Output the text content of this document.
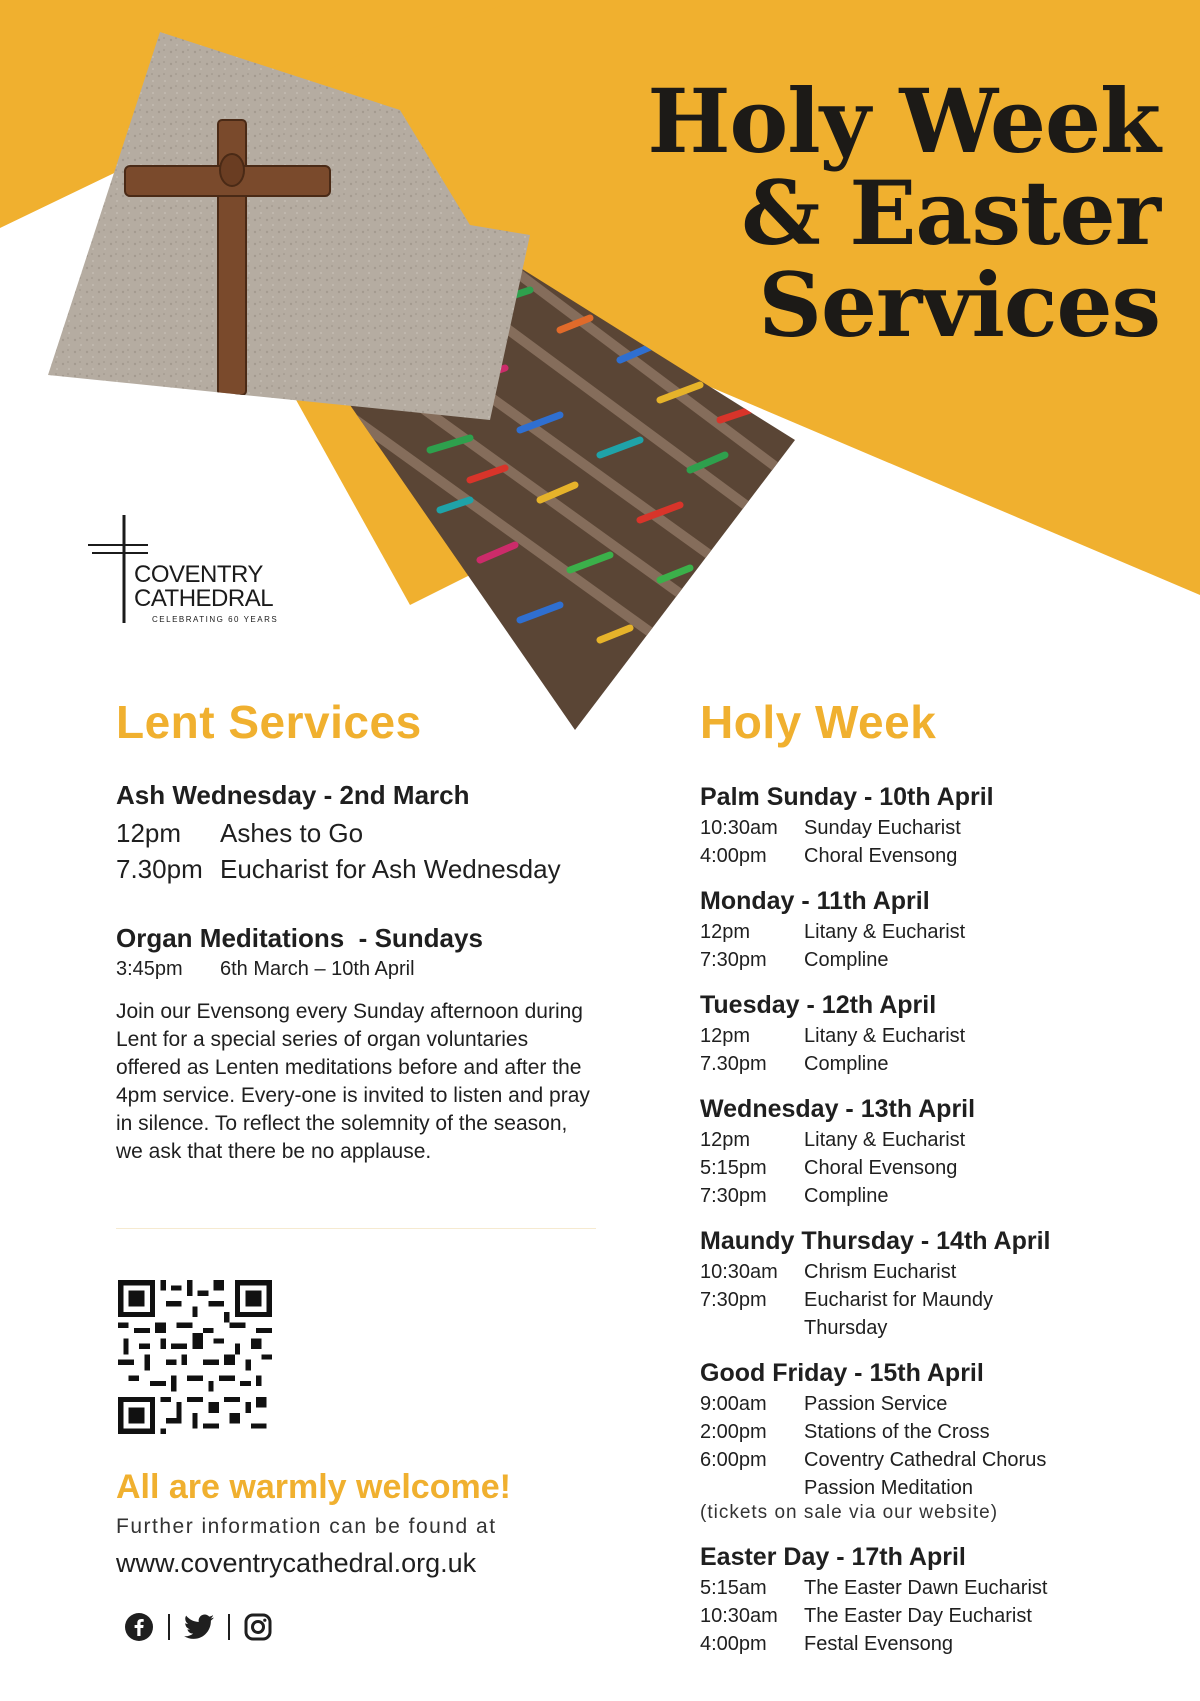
Holy Week
& Easter
Services
COVENTRY
CATHEDRAL
CELEBRATING 60 YEARS
Lent Services	Holy Week
Ash Wednesday - 2nd March
12pm	Ashes to Go
7.30pm Eucharist for Ash Wednesday
Organ Meditations  - Sundays
3:45pm	6th March – 10th April
Join our Evensong every Sunday afternoon during Lent for a special series of organ voluntaries offered as Lenten meditations before and after the 4pm service. Every-one is invited to listen and pray in silence. To reflect the solemnity of the season, we ask that there be no applause.
All are warmly welcome!
Further information can be found at
www.coventrycathedral.org.uk
Palm Sunday - 10th April
10:30am	Sunday Eucharist
4:00pm	Choral Evensong
Monday - 11th April
12pm	Litany & Eucharist
7:30pm	Compline
Tuesday - 12th April
12pm	Litany & Eucharist
7.30pm	Compline
Wednesday - 13th April
12pm	Litany & Eucharist
5:15pm	Choral Evensong
7:30pm	Compline
Maundy Thursday - 14th April
10:30am	Chrism Eucharist
7:30pm	Eucharist for Maundy Thursday
Good Friday - 15th April
9:00am	Passion Service
2:00pm	Stations of the Cross
6:00pm	Coventry Cathedral Chorus Passion Meditation
(tickets on sale via our website)
Easter Day - 17th April
5:15am	The Easter Dawn Eucharist
10:30am	The Easter Day Eucharist
4:00pm	Festal Evensong
